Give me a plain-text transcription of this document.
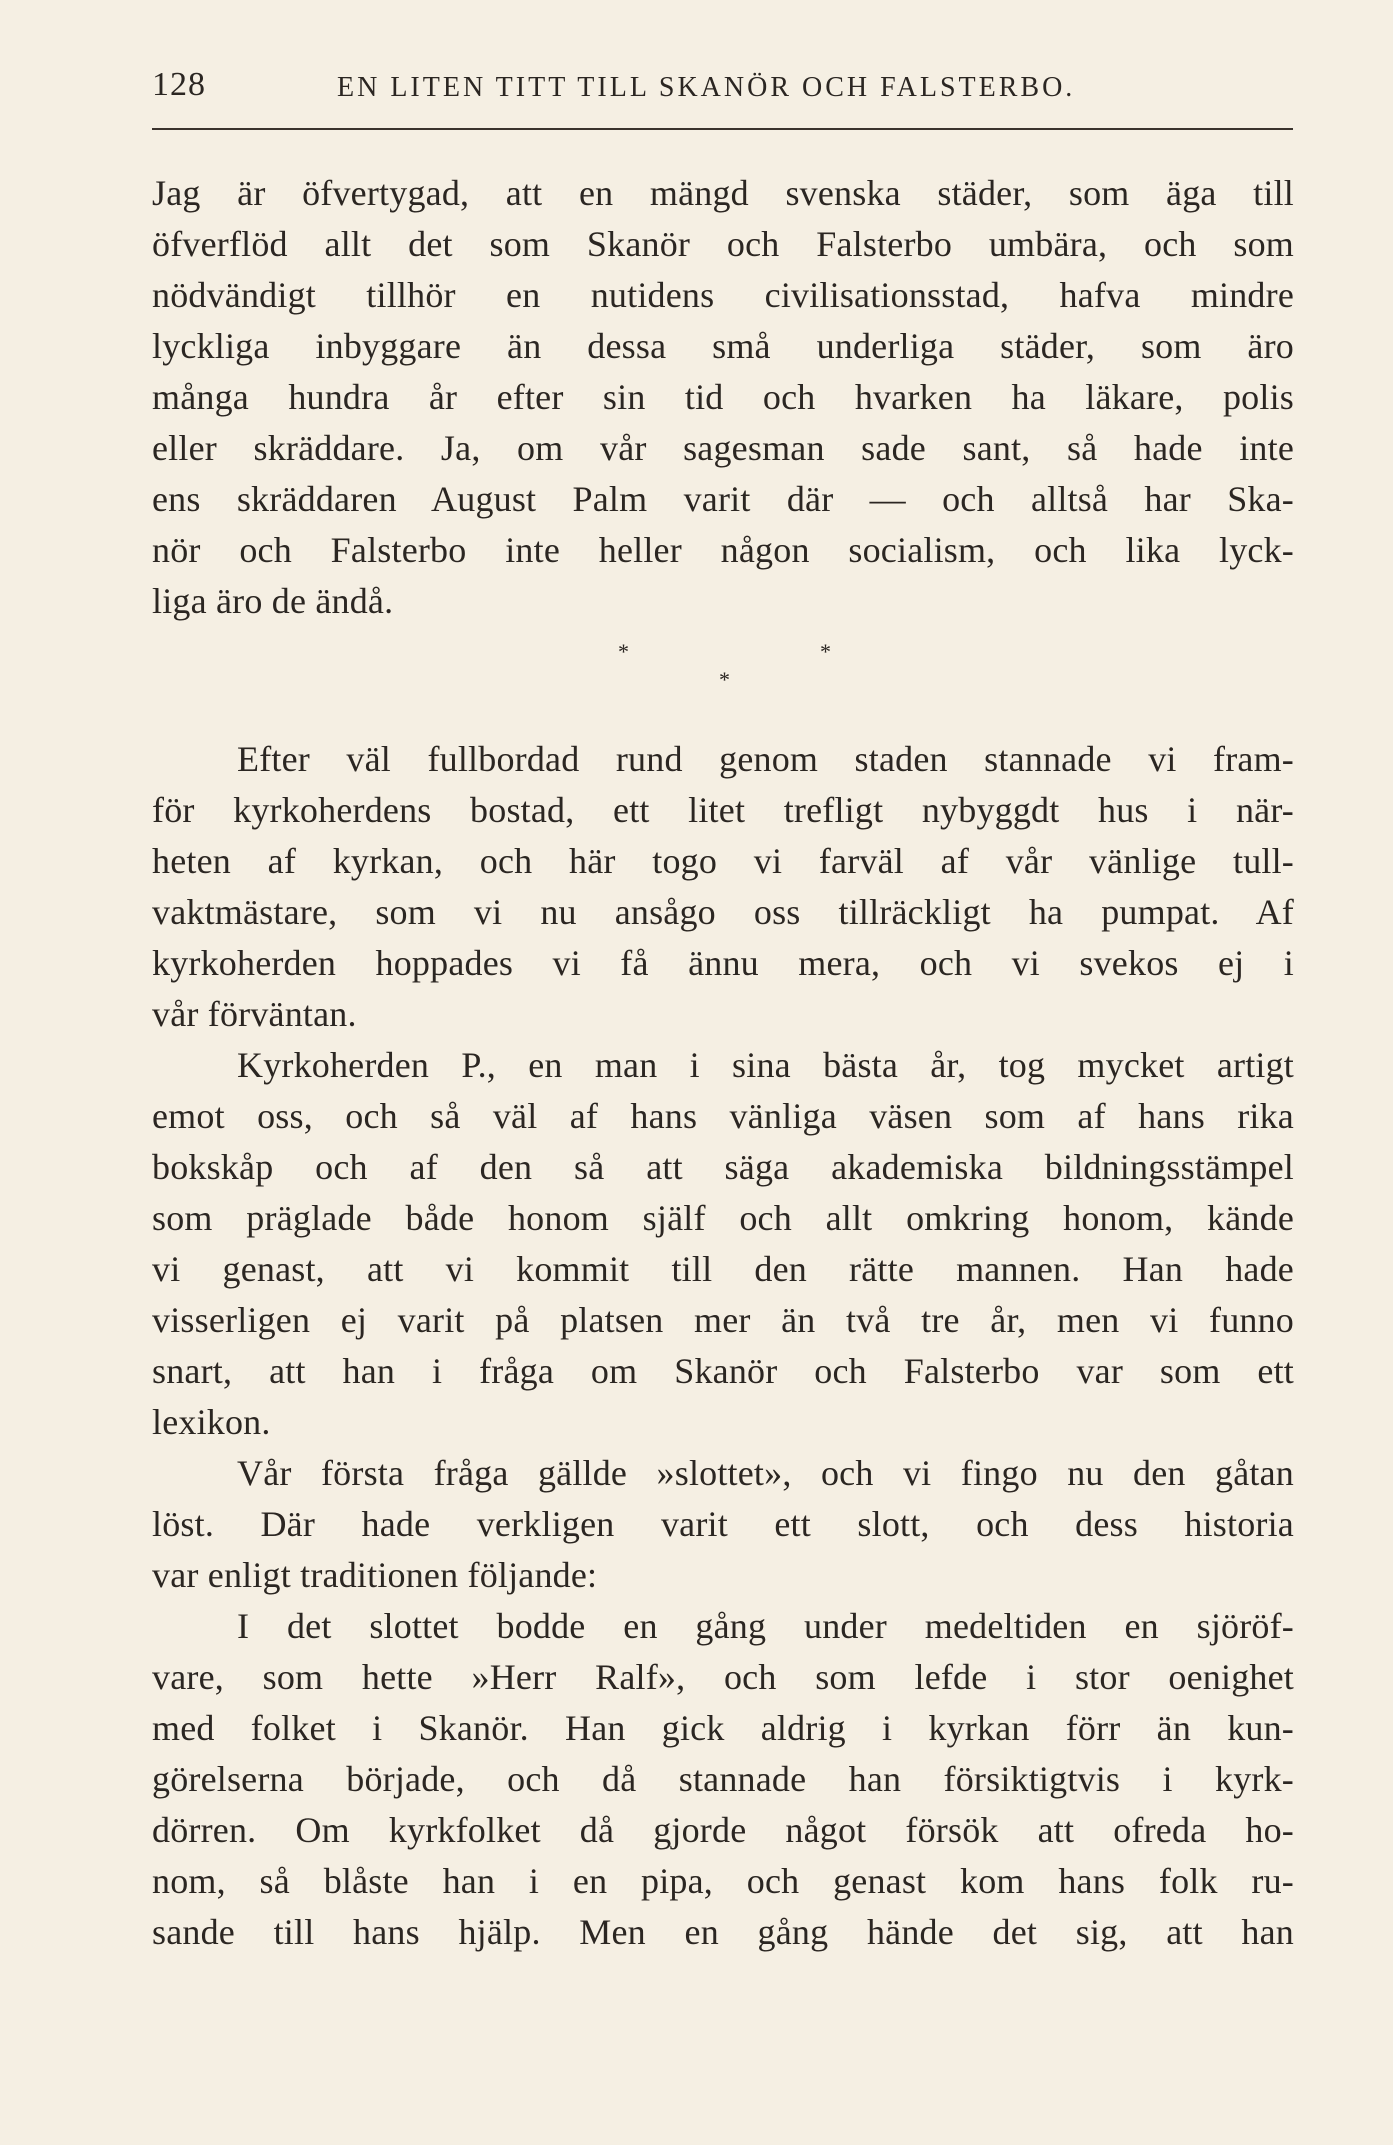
128	EN LITEN TITT TILL SKANÖR OCH FALSTERBO.
Jag är öfvertygad, att en mängd svenska städer, som äga till
öfverflöd allt det som Skanör och Falsterbo umbära, och som
nödvändigt tillhör en nutidens civilisationsstad, hafva mindre
lyckliga inbyggare än dessa små underliga städer, som äro
många hundra år efter sin tid och hvarken ha läkare, polis
eller skräddare. Ja, om vår sagesman sade sant, så hade inte
ens skräddaren August Palm varit där — och alltså har Ska-
nör och Falsterbo inte heller någon socialism, och lika lyck-
liga äro de ändå.
*	*
*
Efter väl fullbordad rund genom staden stannade vi fram-
för kyrkoherdens bostad, ett litet trefligt nybyggdt hus i när-
heten af kyrkan, och här togo vi farväl af vår vänlige tull-
vaktmästare, som vi nu ansågo oss tillräckligt ha pumpat. Af
kyrkoherden hoppades vi få ännu mera, och vi svekos ej i
vår förväntan.
Kyrkoherden P., en man i sina bästa år, tog mycket artigt
emot oss, och så väl af hans vänliga väsen som af hans rika
bokskåp och af den så att säga akademiska bildningsstämpel
som präglade både honom själf och allt omkring honom, kände
vi genast, att vi kommit till den rätte mannen. Han hade
visserligen ej varit på platsen mer än två tre år, men vi funno
snart, att han i fråga om Skanör och Falsterbo var som ett
lexikon.
Vår första fråga gällde »slottet», och vi fingo nu den gåtan
löst. Där hade verkligen varit ett slott, och dess historia
var enligt traditionen följande:
I det slottet bodde en gång under medeltiden en sjöröf-
vare, som hette »Herr Ralf», och som lefde i stor oenighet
med folket i Skanör. Han gick aldrig i kyrkan förr än kun-
görelserna började, och då stannade han försiktigtvis i kyrk-
dörren. Om kyrkfolket då gjorde något försök att ofreda ho-
nom, så blåste han i en pipa, och genast kom hans folk ru-
sande till hans hjälp. Men en gång hände det sig, att han
